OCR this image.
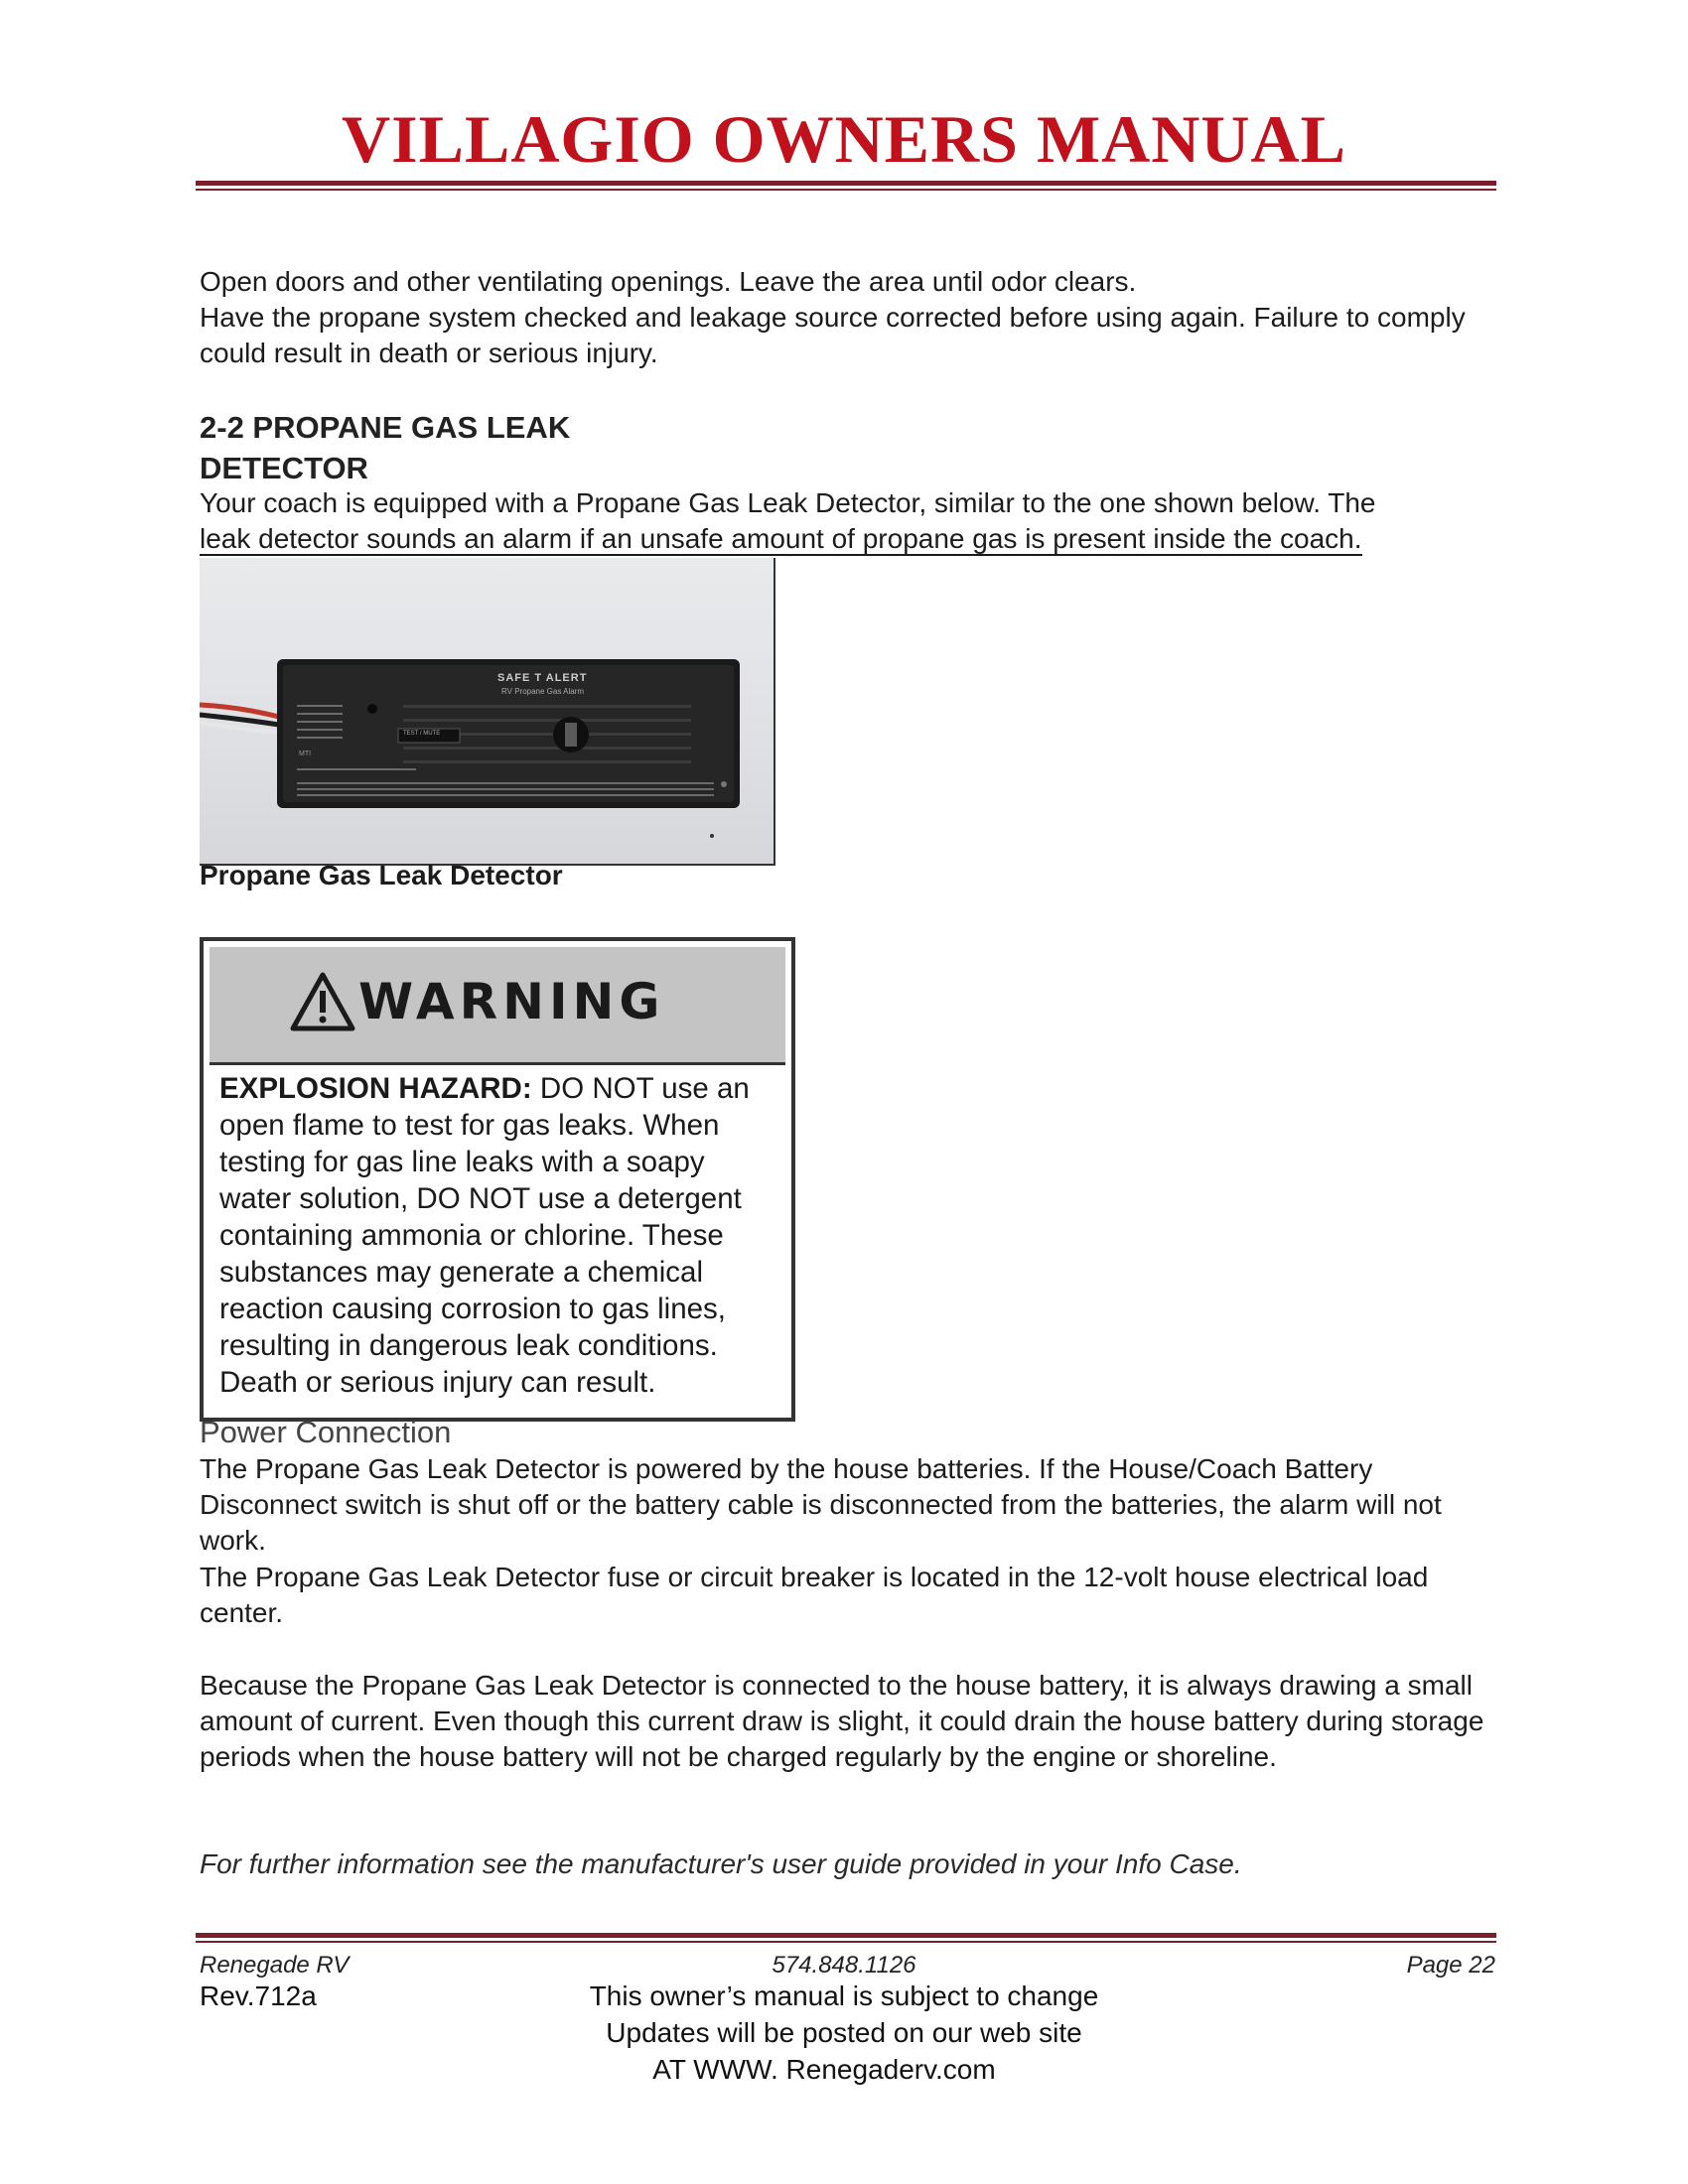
VILLAGIO OWNERS MANUAL
Open doors and other ventilating openings. Leave the area until odor clears.
Have the propane system checked and leakage source corrected before using again. Failure to comply could result in death or serious injury.
2-2 PROPANE GAS LEAK
DETECTOR
Your coach is equipped with a Propane Gas Leak Detector, similar to the one shown below. The
leak detector sounds an alarm if an unsafe amount of propane gas is present inside the coach.
SAFE T ALERT
RV Propane Gas Alarm
TEST / MUTE
MTI
Propane Gas Leak Detector
WARNING
EXPLOSION HAZARD: DO NOT use an open flame to test for gas leaks. When testing for gas line leaks with a soapy water solution, DO NOT use a detergent containing ammonia or chlorine. These substances may generate a chemical reaction causing corrosion to gas lines, resulting in dangerous leak conditions. Death or serious injury can result.
Power Connection
The Propane Gas Leak Detector is powered by the house batteries. If the House/Coach Battery Disconnect switch is shut off or the battery cable is disconnected from the batteries, the alarm will not work.
The Propane Gas Leak Detector fuse or circuit breaker is located in the 12-volt house electrical load center.
Because the Propane Gas Leak Detector is connected to the house battery, it is always drawing a small amount of current. Even though this current draw is slight, it could drain the house battery during storage periods when the house battery will not be charged regularly by the engine or shoreline.
For further information see the manufacturer's user guide provided in your Info Case.
Renegade RV	574.848.1126	Page 22
Rev.712a	This owner’s manual is subject to change
Updates will be posted on our web site
AT WWW. Renegaderv.com
